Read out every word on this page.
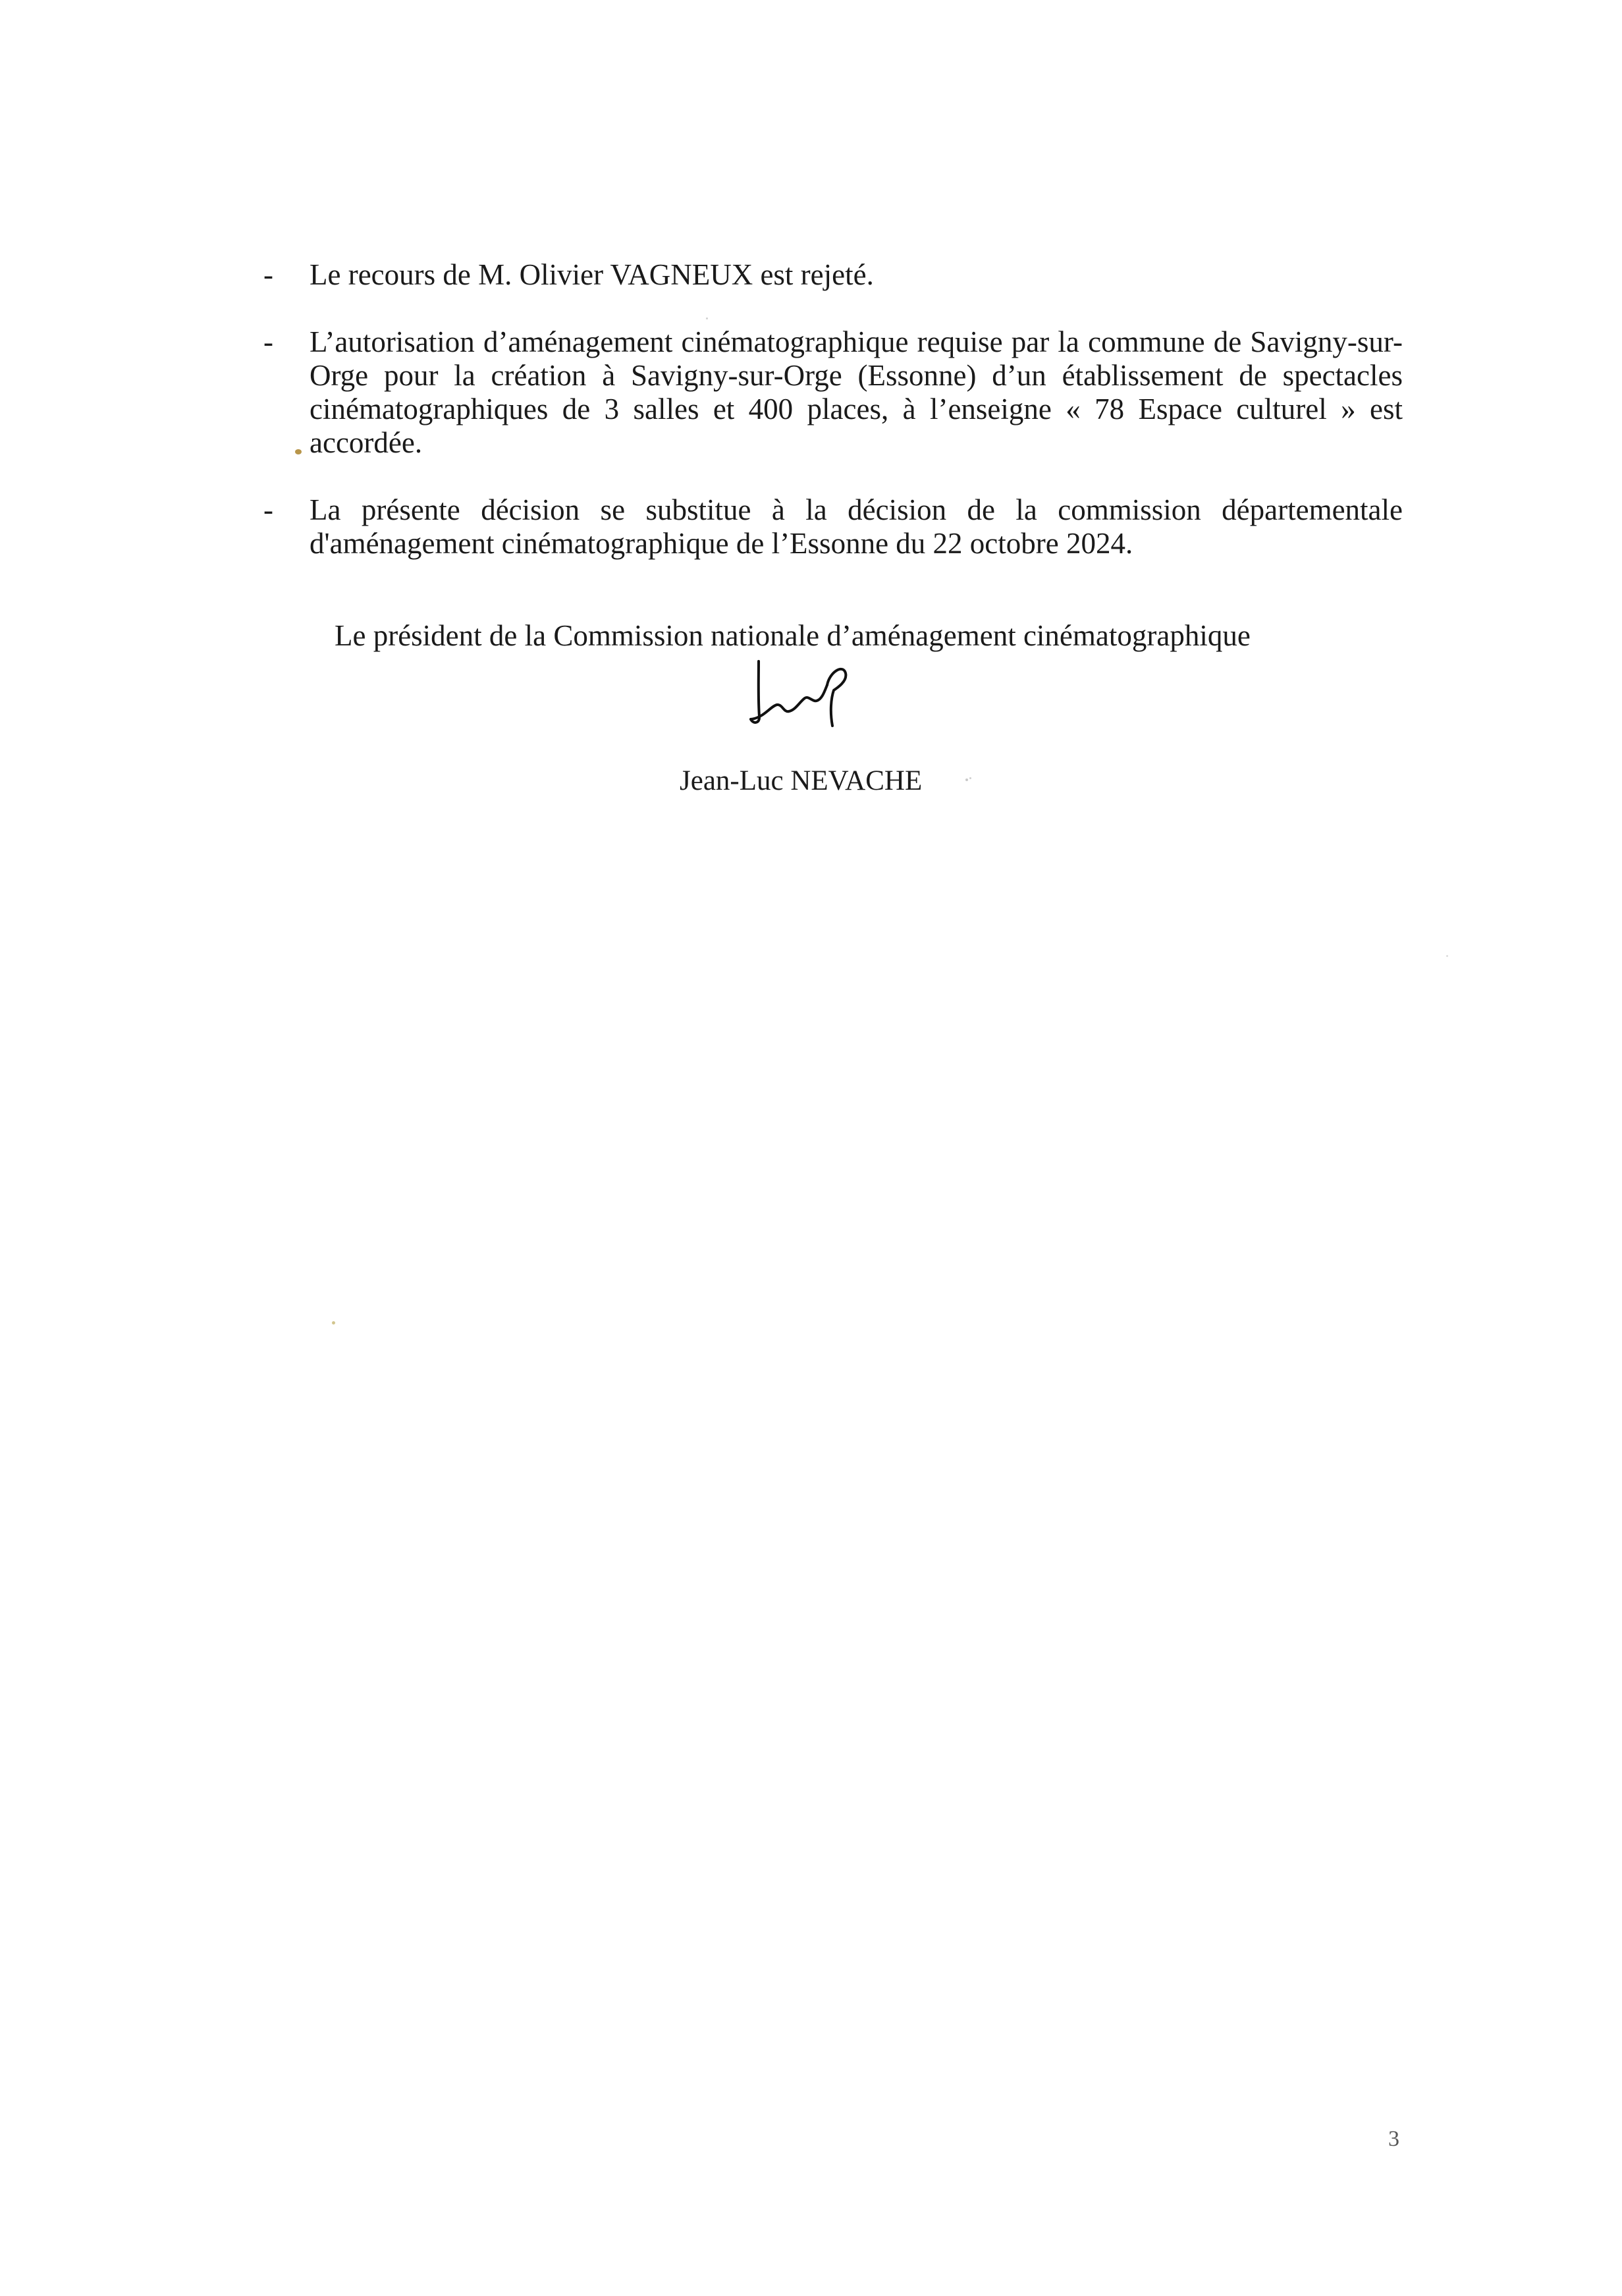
- Le recours de M. Olivier VAGNEUX est rejeté.
- L’autorisation d’aménagement cinématographique requise par la commune de Savigny-sur-Orge pour la création à Savigny-sur-Orge (Essonne) d’un établissement de spectacles cinématographiques de 3 salles et 400 places, à l’enseigne « 78 Espace culturel » est accordée.
- La présente décision se substitue à la décision de la commission départementale d'aménagement cinématographique de l’Essonne du 22 octobre 2024.
Le président de la Commission nationale d’aménagement cinématographique
Jean-Luc NEVACHE
3
